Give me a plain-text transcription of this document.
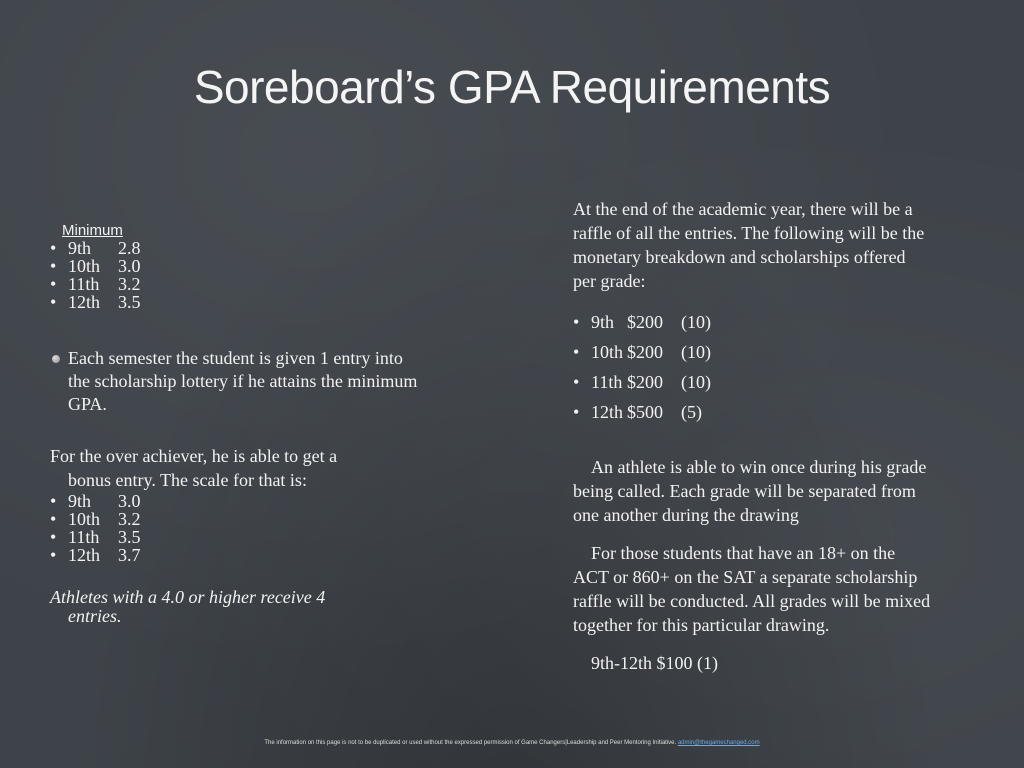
Soreboard’s GPA Requirements
Minimum
• 9th 2.8
• 10th 3.0
• 11th 3.2
• 12th 3.5
Each semester the student is given 1 entry into the scholarship lottery if he attains the minimum GPA.
For the over achiever, he is able to get a
bonus entry. The scale for that is:
• 9th 3.0
• 10th 3.2
• 11th 3.5
• 12th 3.7
Athletes with a 4.0 or higher receive 4
entries.
At the end of the academic year, there will be a raffle of all the entries. The following will be the monetary breakdown and scholarships offered per grade:
• 9th $200 (10)
• 10th $200 (10)
• 11th $200 (10)
• 12th $500 (5)
An athlete is able to win once during his grade being called. Each grade will be separated from one another during the drawing
For those students that have an 18+ on the ACT or 860+ on the SAT a separate scholarship raffle will be conducted. All grades will be mixed together for this particular drawing.
9th-12th $100 (1)
The information on this page is not to be duplicated or used without the expressed permission of Game Changers|Leadership and Peer Mentoring Initiative. admin@thegamechanged.com
